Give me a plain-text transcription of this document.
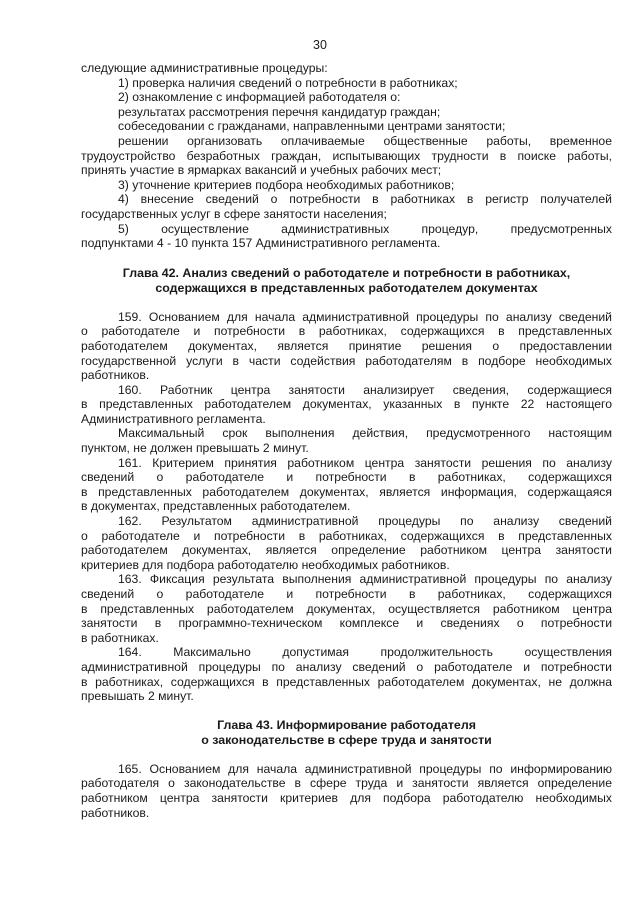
30
следующие административные процедуры:
1) проверка наличия сведений о потребности в работниках;
2) ознакомление с информацией работодателя о:
результатах рассмотрения перечня кандидатур граждан;
собеседовании с гражданами, направленными центрами занятости;
решении организовать оплачиваемые общественные работы, временное
трудоустройство безработных граждан, испытывающих трудности в поиске работы,
принять участие в ярмарках вакансий и учебных рабочих мест;
3) уточнение критериев подбора необходимых работников;
4) внесение сведений о потребности в работниках в регистр получателей
государственных услуг в сфере занятости населения;
5) осуществление административных процедур, предусмотренных
подпунктами 4 - 10 пункта 157 Административного регламента.
Глава 42. Анализ сведений о работодателе и потребности в работниках,
содержащихся в представленных работодателем документах
159. Основанием для начала административной процедуры по анализу сведений
о работодателе и потребности в работниках, содержащихся в представленных
работодателем документах, является принятие решения о предоставлении
государственной услуги в части содействия работодателям в подборе необходимых
работников.
160. Работник центра занятости анализирует сведения, содержащиеся
в представленных работодателем документах, указанных в пункте 22 настоящего
Административного регламента.
Максимальный срок выполнения действия, предусмотренного настоящим
пунктом, не должен превышать 2 минут.
161. Критерием принятия работником центра занятости решения по анализу
сведений о работодателе и потребности в работниках, содержащихся
в представленных работодателем документах, является информация, содержащаяся
в документах, представленных работодателем.
162. Результатом административной процедуры по анализу сведений
о работодателе и потребности в работниках, содержащихся в представленных
работодателем документах, является определение работником центра занятости
критериев для подбора работодателю необходимых работников.
163. Фиксация результата выполнения административной процедуры по анализу
сведений о работодателе и потребности в работниках, содержащихся
в представленных работодателем документах, осуществляется работником центра
занятости в программно-техническом комплексе и сведениях о потребности
в работниках.
164. Максимально допустимая продолжительность осуществления
административной процедуры по анализу сведений о работодателе и потребности
в работниках, содержащихся в представленных работодателем документах, не должна
превышать 2 минут.
Глава 43. Информирование работодателя
о законодательстве в сфере труда и занятости
165. Основанием для начала административной процедуры по информированию
работодателя о законодательстве в сфере труда и занятости является определение
работником центра занятости критериев для подбора работодателю необходимых
работников.
